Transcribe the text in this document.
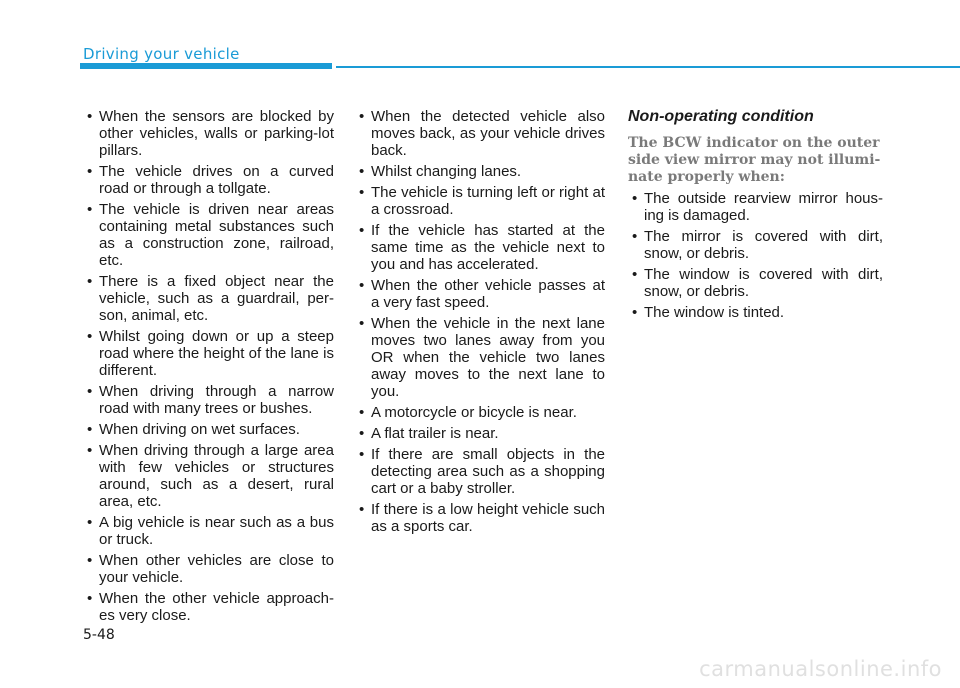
Driving your vehicle
• When the sensors are blocked by other vehicles, walls or parking-lot pillars.
• The vehicle drives on a curved road or through a tollgate.
• The vehicle is driven near areas containing metal substances such as a construction zone, railroad, etc.
• There is a fixed object near the vehicle, such as a guardrail, per-son, animal, etc.
• Whilst going down or up a steep road where the height of the lane is different.
• When driving through a narrow road with many trees or bushes.
• When driving on wet surfaces.
• When driving through a large area with few vehicles or structures around, such as a desert, rural area, etc.
• A big vehicle is near such as a bus or truck.
• When other vehicles are close to your vehicle.
• When the other vehicle approach-es very close.
• When the detected vehicle also moves back, as your vehicle drives back.
• Whilst changing lanes.
• The vehicle is turning left or right at a crossroad.
• If the vehicle has started at the same time as the vehicle next to you and has accelerated.
• When the other vehicle passes at a very fast speed.
• When the vehicle in the next lane moves two lanes away from you OR when the vehicle two lanes away moves to the next lane to you.
• A motorcycle or bicycle is near.
• A flat trailer is near.
• If there are small objects in the detecting area such as a shopping cart or a baby stroller.
• If there is a low height vehicle such as a sports car.
Non-operating condition
The BCW indicator on the outer side view mirror may not illumi-nate properly when:
• The outside rearview mirror hous-ing is damaged.
• The mirror is covered with dirt, snow, or debris.
• The window is covered with dirt, snow, or debris.
• The window is tinted.
5-48
carmanualsonline.info
